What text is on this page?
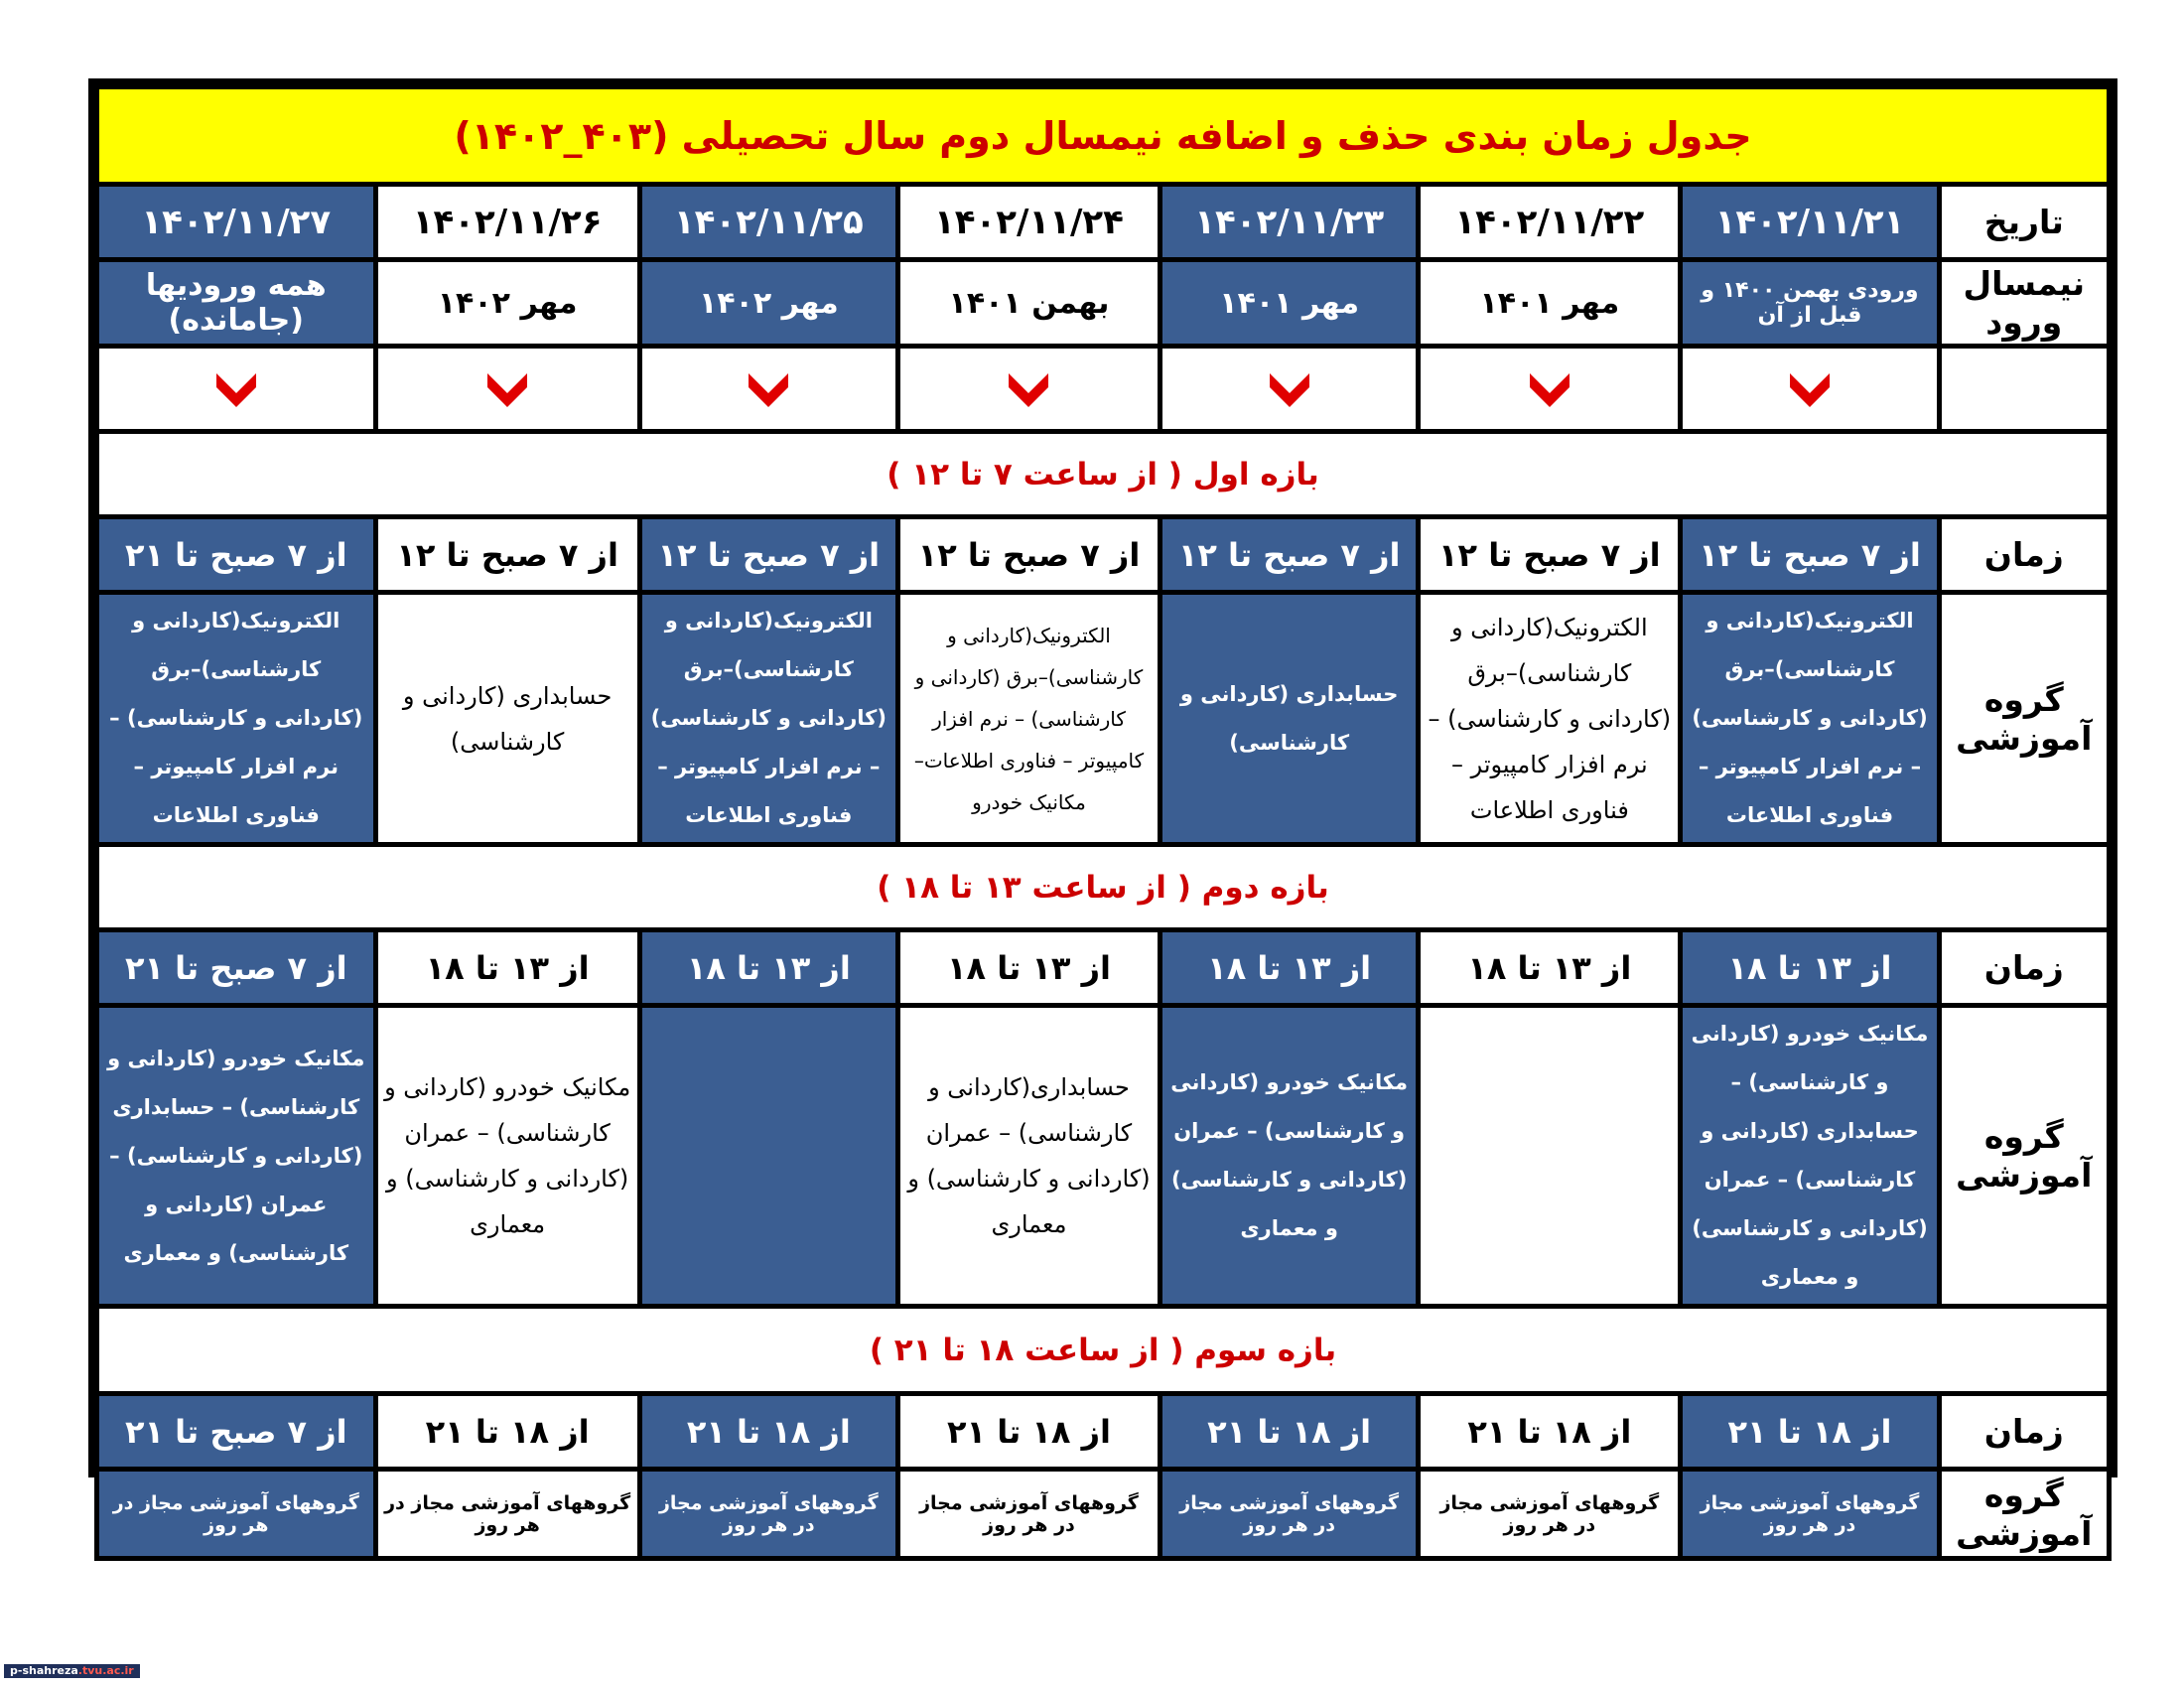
جدول زمان بندی حذف و اضافه نیمسال دوم سال تحصیلی (۴۰۳_۱۴۰۲)							
تاریخ	۱۴۰۲/۱۱/۲۱	۱۴۰۲/۱۱/۲۲	۱۴۰۲/۱۱/۲۳	۱۴۰۲/۱۱/۲۴	۱۴۰۲/۱۱/۲۵	۱۴۰۲/۱۱/۲۶	۱۴۰۲/۱۱/۲۷
نیمسال ورود	ورودی بهمن ۱۴۰۰ و قبل از آن	مهر ۱۴۰۱	مهر ۱۴۰۱	بهمن ۱۴۰۱	مهر ۱۴۰۲	مهر ۱۴۰۲	همه ورودیها (جامانده)

بازه اول ( از ساعت ۷ تا ۱۲ )							
زمان	از ۷ صبح تا ۱۲	از ۷ صبح تا ۱۲	از ۷ صبح تا ۱۲	از ۷ صبح تا ۱۲	از ۷ صبح تا ۱۲	از ۷ صبح تا ۱۲	از ۷ صبح تا ۲۱
گروه آموزشی	الکترونیک(کاردانی و کارشناسی)–برق (کاردانی و کارشناسی) – نرم افزار کامپیوتر – فناوری اطلاعات	الکترونیک(کاردانی و کارشناسی)–برق (کاردانی و کارشناسی) – نرم افزار کامپیوتر – فناوری اطلاعات	حسابداری (کاردانی و کارشناسی)	الکترونیک(کاردانی و کارشناسی)–برق (کاردانی و کارشناسی) – نرم افزار کامپیوتر – فناوری اطلاعات–مکانیک خودرو	الکترونیک(کاردانی و کارشناسی)–برق (کاردانی و کارشناسی) – نرم افزار کامپیوتر – فناوری اطلاعات	حسابداری (کاردانی و کارشناسی)	الکترونیک(کاردانی و کارشناسی)–برق (کاردانی و کارشناسی) – نرم افزار کامپیوتر – فناوری اطلاعات
بازه دوم ( از ساعت ۱۳ تا ۱۸ )							
زمان	از ۱۳ تا ۱۸	از ۱۳ تا ۱۸	از ۱۳ تا ۱۸	از ۱۳ تا ۱۸	از ۱۳ تا ۱۸	از ۱۳ تا ۱۸	از ۷ صبح تا ۲۱
گروه آموزشی	مکانیک خودرو (کاردانی و کارشناسی) – حسابداری (کاردانی و کارشناسی) – عمران (کاردانی و کارشناسی) و معماری		مکانیک خودرو (کاردانی و کارشناسی) – عمران (کاردانی و کارشناسی) و معماری	حسابداری(کاردانی و کارشناسی) – عمران (کاردانی و کارشناسی) و معماری		مکانیک خودرو (کاردانی و کارشناسی) – عمران (کاردانی و کارشناسی) و معماری	مکانیک خودرو (کاردانی و کارشناسی) – حسابداری (کاردانی و کارشناسی) – عمران (کاردانی و کارشناسی) و معماری
بازه سوم ( از ساعت ۱۸ تا ۲۱ )							
زمان	از ۱۸ تا ۲۱	از ۱۸ تا ۲۱	از ۱۸ تا ۲۱	از ۱۸ تا ۲۱	از ۱۸ تا ۲۱	از ۱۸ تا ۲۱	از ۷ صبح تا ۲۱
گروه آموزشی	گروههای آموزشی مجاز در هر روز	گروههای آموزشی مجاز در هر روز	گروههای آموزشی مجاز در هر روز	گروههای آموزشی مجاز در هر روز	گروههای آموزشی مجاز در هر روز	گروههای آموزشی مجاز در هر روز	گروههای آموزشی مجاز در هر روز
p-shahreza.tvu.ac.ir
